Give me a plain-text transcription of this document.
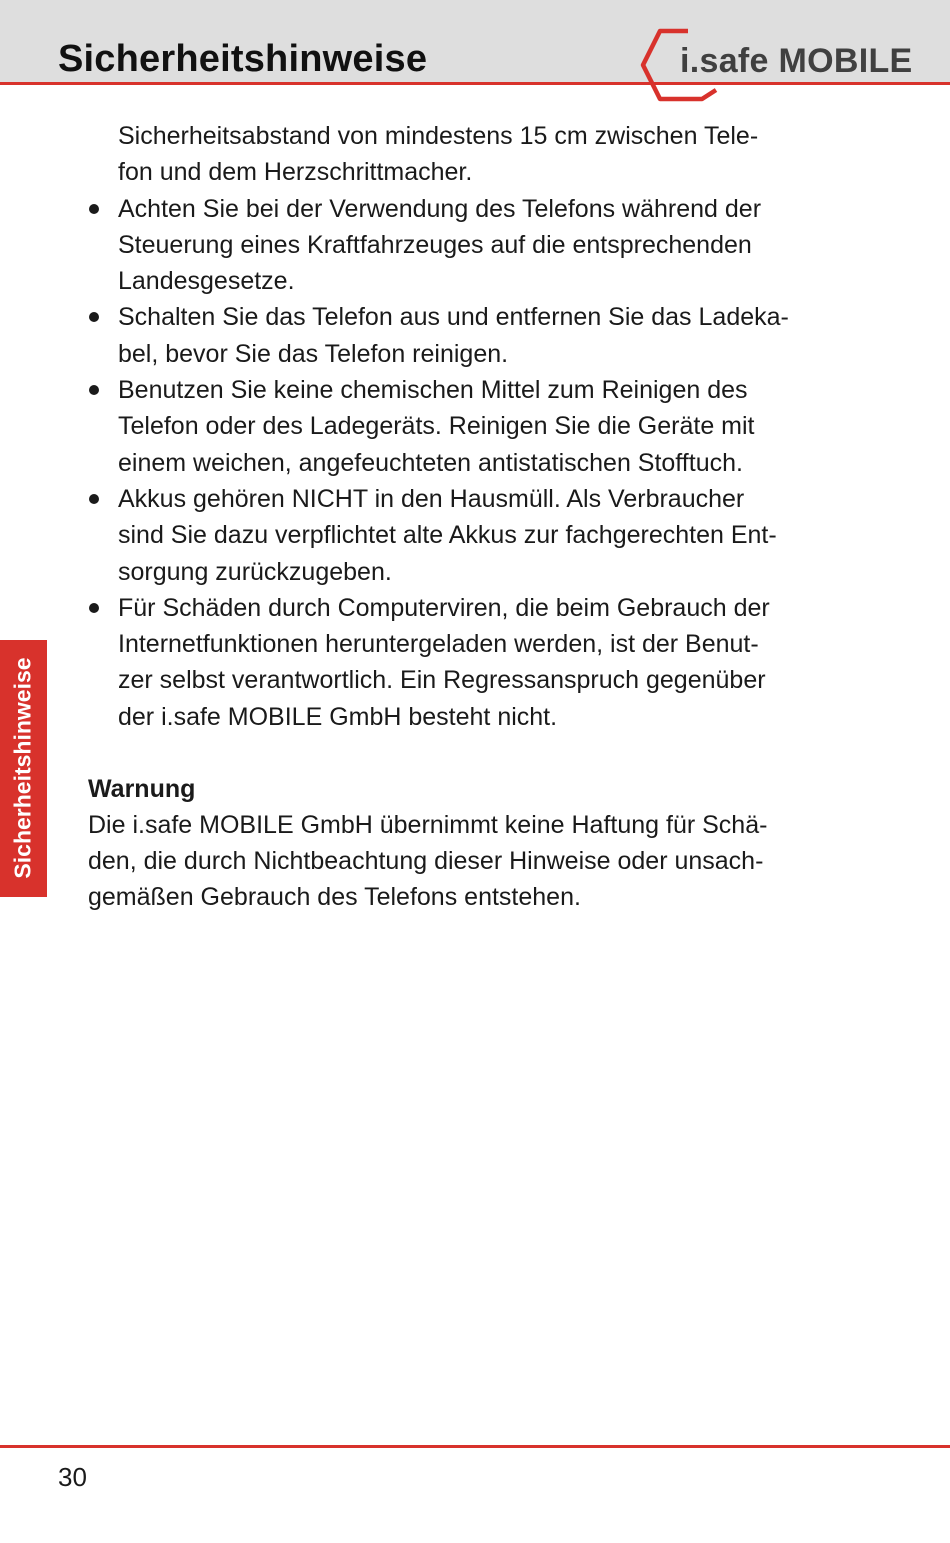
Sicherheitshinweise	i.safe MOBILE
Sicherheitshinweise

Sicherheitsabstand von mindestens 15 cm zwischen Tele-
fon und dem Herzschrittmacher.

Achten Sie bei der Verwendung des Telefons während der
Steuerung eines Kraftfahrzeuges auf die entsprechenden
Landesgesetze.
Schalten Sie das Telefon aus und entfernen Sie das Ladeka-
bel, bevor Sie das Telefon reinigen.
Benutzen Sie keine chemischen Mittel zum Reinigen des
Telefon oder des Ladegeräts. Reinigen Sie die Geräte mit
einem weichen, angefeuchteten antistatischen Stofftuch.
Akkus gehören NICHT in den Hausmüll. Als Verbraucher
sind Sie dazu verpflichtet alte Akkus zur fachgerechten Ent-
sorgung zurückzugeben.
Für Schäden durch Computerviren, die beim Gebrauch der
Internetfunktionen heruntergeladen werden, ist der Benut-
zer selbst verantwortlich. Ein Regressanspruch gegenüber
der i.safe MOBILE GmbH besteht nicht.
Warnung
Die i.safe MOBILE GmbH übernimmt keine Haftung für Schä-
den, die durch Nichtbeachtung dieser Hinweise oder unsach-
gemäßen Gebrauch des Telefons entstehen.
30
